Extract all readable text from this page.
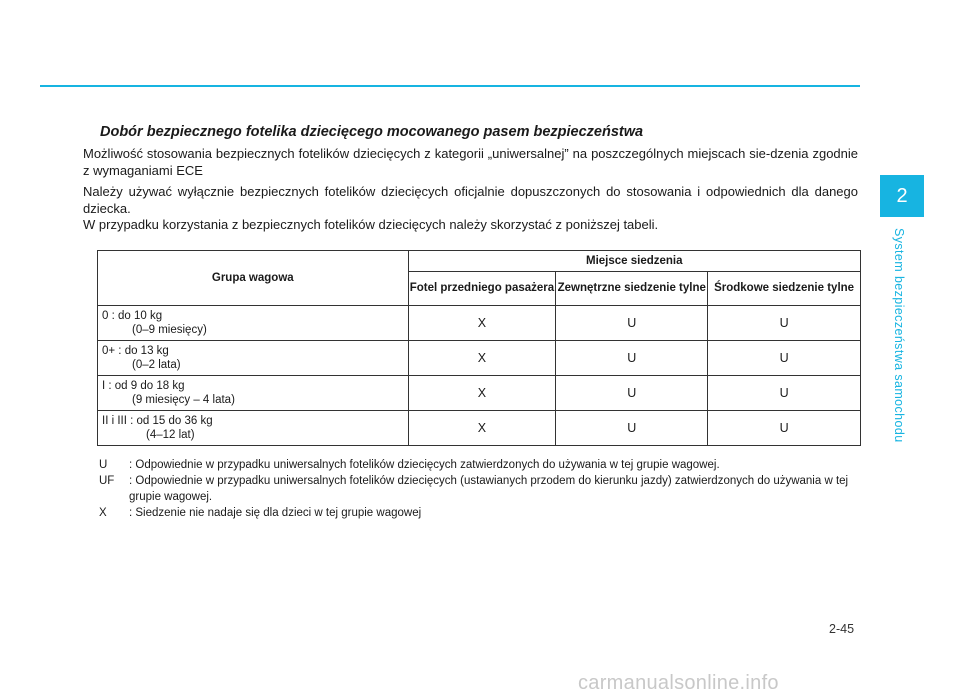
2
System bezpieczeństwa samochodu
Dobór bezpiecznego fotelika dziecięcego mocowanego pasem bezpieczeństwa
Możliwość stosowania bezpiecznych fotelików dziecięcych z kategorii „uniwersalnej” na poszczególnych miejscach sie-dzenia zgodnie z wymaganiami ECE
Należy używać wyłącznie bezpiecznych fotelików dziecięcych oficjalnie dopuszczonych do stosowania i odpowiednich dla danego dziecka.
W przypadku korzystania z bezpiecznych fotelików dziecięcych należy skorzystać z poniższej tabeli.
Grupa wagowa	Miejsce siedzenia		
	Fotel przedniego pasażera	Zewnętrzne siedzenie tylne	Środkowe siedzenie tylne
0 : do 10 kg
(0–9 miesięcy)	X	U	U
0+ : do 13 kg
(0–2 lata)	X	U	U
I : od 9 do 18 kg
(9 miesięcy – 4 lata)	X	U	U
II i III : od 15 do 36 kg
(4–12 lat)	X	U	U
U	: Odpowiednie w przypadku uniwersalnych fotelików dziecięcych zatwierdzonych do używania w tej grupie wagowej.
UF	: Odpowiednie w przypadku uniwersalnych fotelików dziecięcych (ustawianych przodem do kierunku jazdy) zatwierdzonych do używania w tej grupie wagowej.
X	: Siedzenie nie nadaje się dla dzieci w tej grupie wagowej
2-45
carmanualsonline.info
